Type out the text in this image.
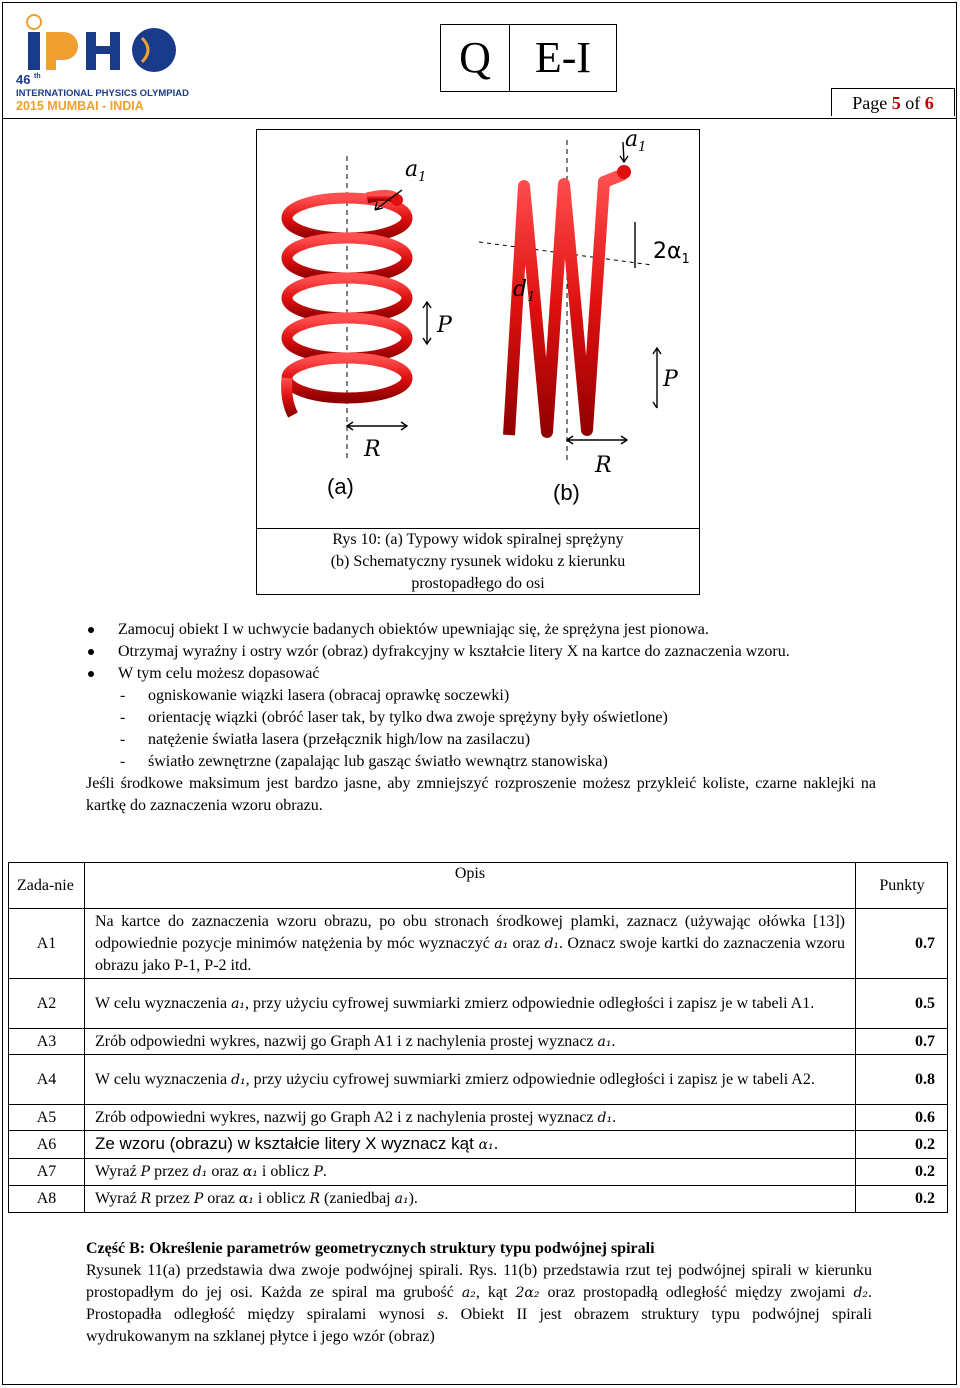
46 th
INTERNATIONAL PHYSICS OLYMPIAD
2015 MUMBAI - INDIA
Q	E-I
Page 5 of 6
$a_1$
P
R
$a_1$
$d_1$
P
R
$2\alpha_1$
(a)	(b)
Rys 10: (a) Typowy widok spiralnej sprężyny
(b) Schematyczny rysunek widoku z kierunku
prostopadłego do osi
Zamocuj obiekt I w uchwycie badanych obiektów upewniając się, że sprężyna jest pionowa.
Otrzymaj wyraźny i ostry wzór (obraz) dyfrakcyjny w kształcie litery X na kartce do zaznaczenia wzoru.
W tym celu możesz dopasować
- ogniskowanie wiązki lasera (obracaj oprawkę soczewki)
- orientację wiązki (obróć laser tak, by tylko dwa zwoje sprężyny były oświetlone)
- natężenie światła lasera (przełącznik high/low na zasilaczu)
- światło zewnętrzne (zapalając lub gasząc światło wewnątrz stanowiska)
Jeśli środkowe maksimum jest bardzo jasne, aby zmniejszyć rozproszenie możesz przykleić koliste, czarne naklejki na kartkę do zaznaczenia wzoru obrazu.
Zada-nie	Opis	Punkty
A1	Na kartce do zaznaczenia wzoru obrazu, po obu stronach środkowej plamki, zaznacz (używając ołówka [13]) odpowiednie pozycje minimów natężenia by móc wyznaczyć a₁ oraz d₁. Oznacz swoje kartki do zaznaczenia wzoru obrazu jako P-1, P-2 itd.	0.7
A2	W celu wyznaczenia a₁, przy użyciu cyfrowej suwmiarki zmierz odpowiednie odległości i zapisz je w tabeli A1.	0.5
A3	Zrób odpowiedni wykres, nazwij go Graph A1 i z nachylenia prostej wyznacz a₁.	0.7
A4	W celu wyznaczenia d₁, przy użyciu cyfrowej suwmiarki zmierz odpowiednie odległości i zapisz je w tabeli A2.	0.8
A5	Zrób odpowiedni wykres, nazwij go Graph A2 i z nachylenia prostej wyznacz d₁.	0.6
A6	Ze wzoru (obrazu) w kształcie litery X wyznacz kąt α₁.	0.2
A7	Wyraź P przez d₁ oraz α₁ i oblicz P.	0.2
A8	Wyraź R przez P oraz α₁ i oblicz R (zaniedbaj a₁).	0.2
Część B: Określenie parametrów geometrycznych struktury typu podwójnej spirali
Rysunek 11(a) przedstawia dwa zwoje podwójnej spirali. Rys. 11(b) przedstawia rzut tej podwójnej spirali w kierunku prostopadłym do jej osi. Każda ze spiral ma grubość a₂, kąt 2α₂ oraz prostopadłą odległość między zwojami d₂. Prostopadła odległość między spiralami wynosi s. Obiekt II jest obrazem struktury typu podwójnej spirali wydrukowanym na szklanej płytce i jego wzór (obraz)
